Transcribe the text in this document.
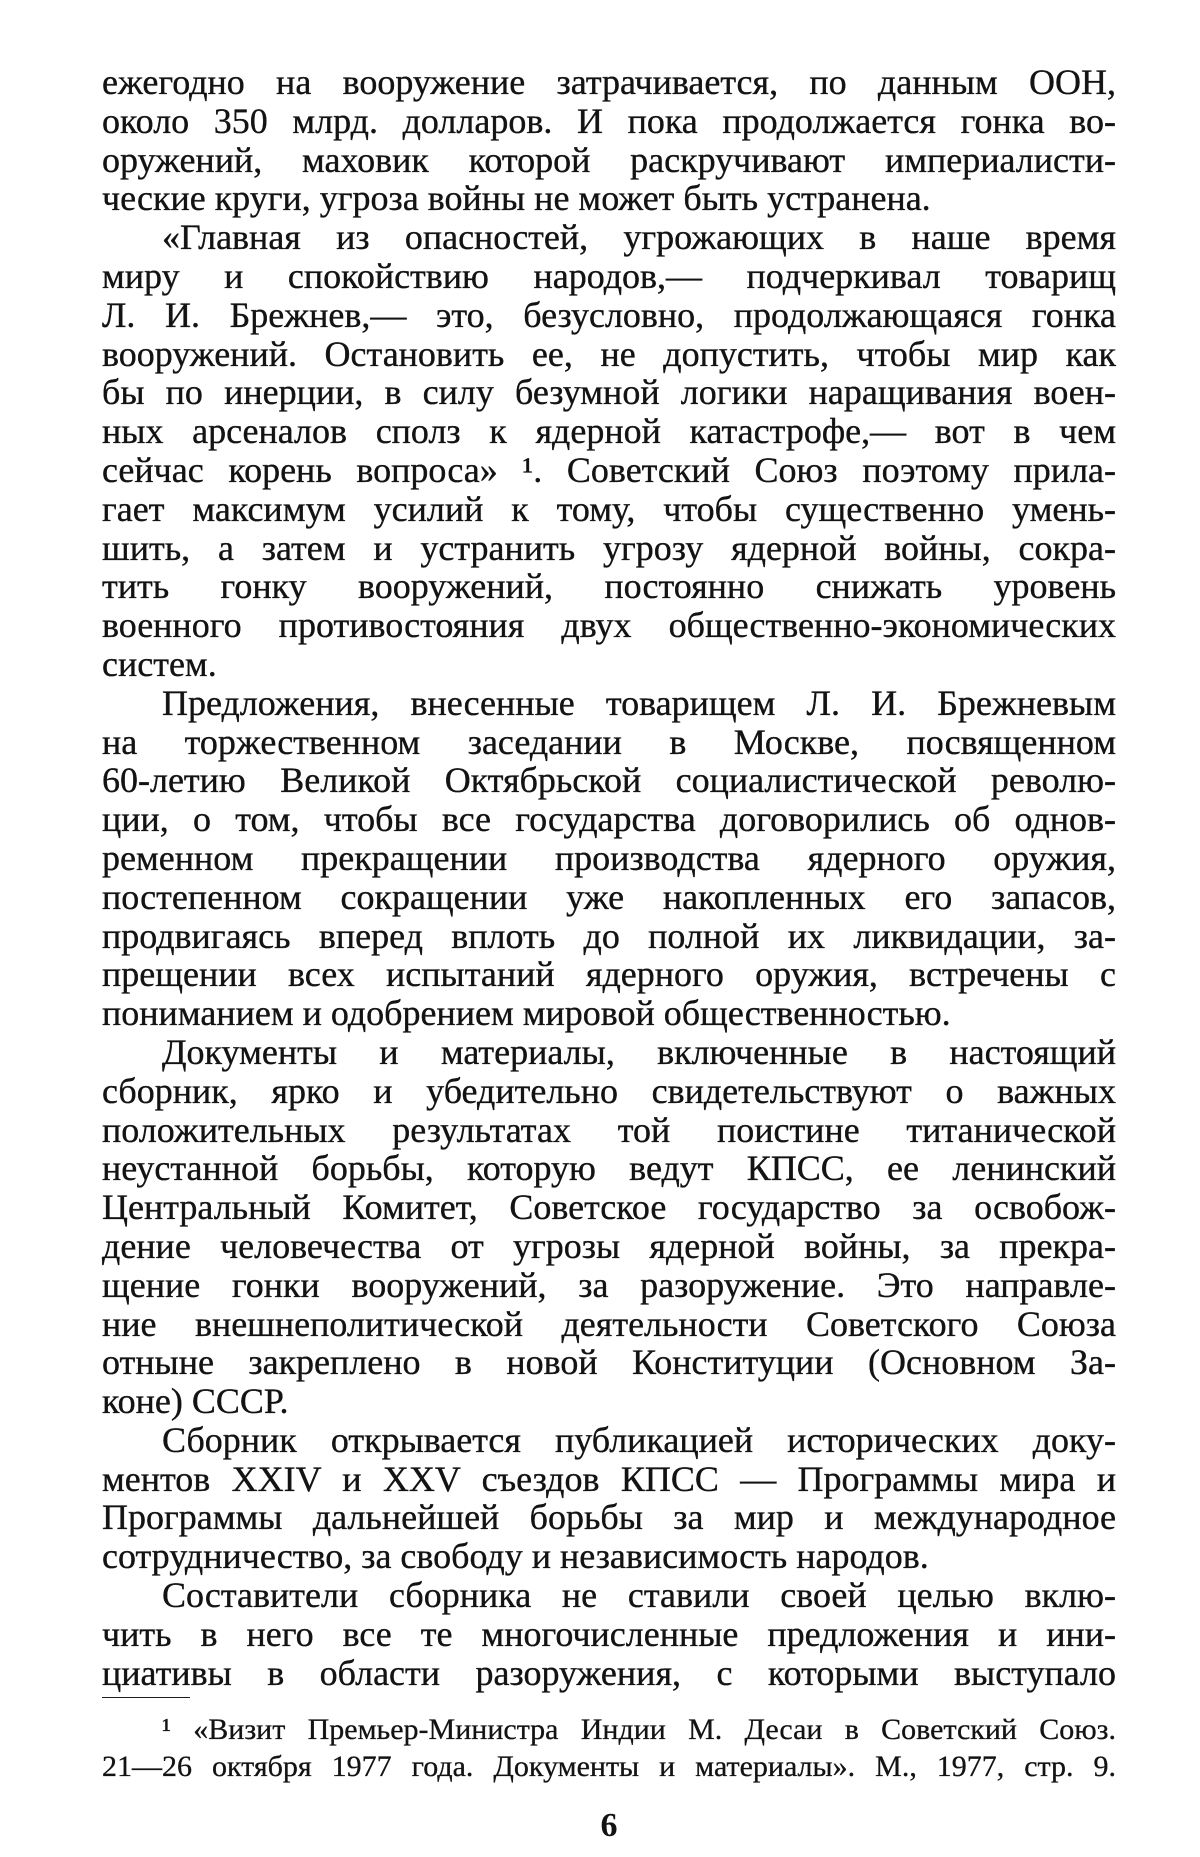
ежегодно на вооружение затрачивается, по данным ООН,
около 350 млрд. долларов. И пока продолжается гонка во-
оружений, маховик которой раскручивают империалисти-
ческие круги, угроза войны не может быть устранена.
«Главная из опасностей, угрожающих в наше время
миру и спокойствию народов,— подчеркивал товарищ
Л. И. Брежнев,— это, безусловно, продолжающаяся гонка
вооружений. Остановить ее, не допустить, чтобы мир как
бы по инерции, в силу безумной логики наращивания воен-
ных арсеналов сполз к ядерной катастрофе,— вот в чем
сейчас корень вопроса» ¹. Советский Союз поэтому прила-
гает максимум усилий к тому, чтобы существенно умень-
шить, а затем и устранить угрозу ядерной войны, сокра-
тить гонку вооружений, постоянно снижать уровень
военного противостояния двух общественно-экономических
систем.
Предложения, внесенные товарищем Л. И. Брежневым
на торжественном заседании в Москве, посвященном
60-летию Великой Октябрьской социалистической револю-
ции, о том, чтобы все государства договорились об однов-
ременном прекращении производства ядерного оружия,
постепенном сокращении уже накопленных его запасов,
продвигаясь вперед вплоть до полной их ликвидации, за-
прещении всех испытаний ядерного оружия, встречены с
пониманием и одобрением мировой общественностью.
Документы и материалы, включенные в настоящий
сборник, ярко и убедительно свидетельствуют о важных
положительных результатах той поистине титанической
неустанной борьбы, которую ведут КПСС, ее ленинский
Центральный Комитет, Советское государство за освобож-
дение человечества от угрозы ядерной войны, за прекра-
щение гонки вооружений, за разоружение. Это направле-
ние внешнеполитической деятельности Советского Союза
отныне закреплено в новой Конституции (Основном За-
коне) СССР.
Сборник открывается публикацией исторических доку-
ментов XXIV и XXV съездов КПСС — Программы мира и
Программы дальнейшей борьбы за мир и международное
сотрудничество, за свободу и независимость народов.
Составители сборника не ставили своей целью вклю-
чить в него все те многочисленные предложения и ини-
циативы в области разоружения, с которыми выступало
¹ «Визит Премьер-Министра Индии М. Десаи в Советский Союз.
21—26 октября 1977 года. Документы и материалы». М., 1977, стр. 9.
6
